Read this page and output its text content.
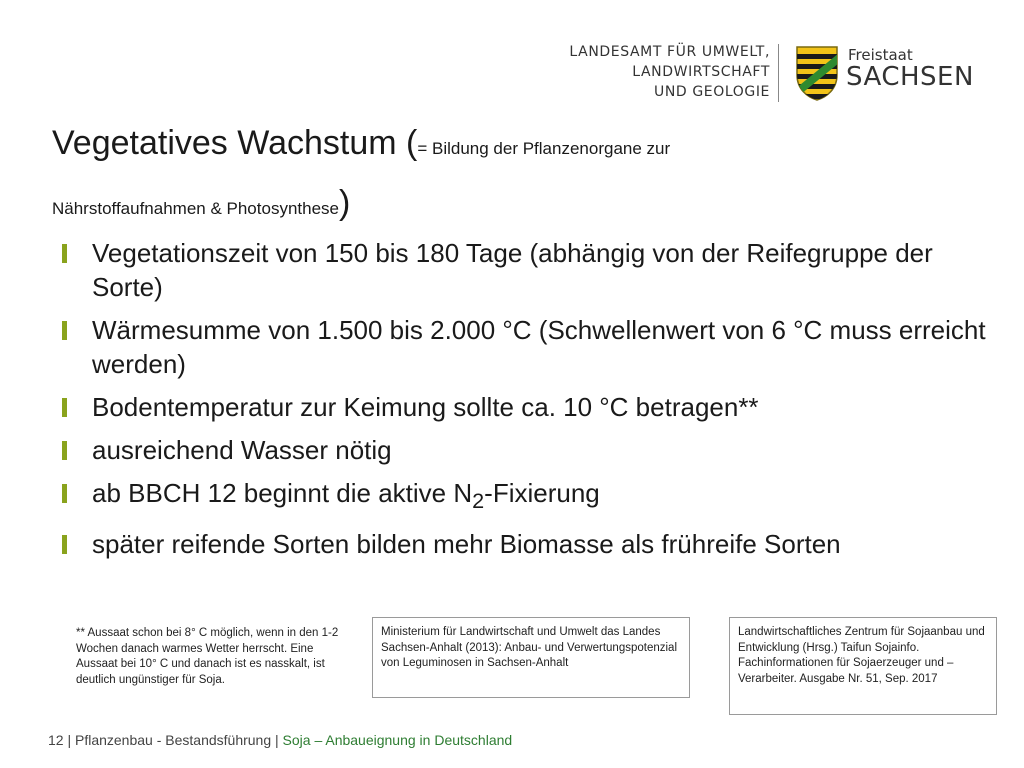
LANDESAMT FÜR UMWELT,
LANDWIRTSCHAFT
UND GEOLOGIE
Freistaat
SACHSEN
Vegetatives Wachstum (= Bildung der Pflanzenorgane zur
Nährstoffaufnahmen & Photosynthese)
Vegetationszeit von 150 bis 180 Tage (abhängig von der Reifegruppe der Sorte)
Wärmesumme von 1.500 bis 2.000 °C (Schwellenwert von 6 °C muss erreicht werden)
Bodentemperatur zur Keimung sollte ca. 10 °C betragen**
ausreichend Wasser nötig
ab BBCH 12 beginnt die aktive $N_2$-Fixierung
später reifende Sorten bilden mehr Biomasse als frühreife Sorten
** Aussaat schon bei 8° C möglich, wenn in den 1-2 Wochen danach warmes Wetter herrscht. Eine Aussaat bei 10° C und danach ist es nasskalt, ist deutlich ungünstiger für Soja.
Ministerium für Landwirtschaft und Umwelt das Landes Sachsen-Anhalt (2013): Anbau- und Verwertungspotenzial von Leguminosen in Sachsen-Anhalt
Landwirtschaftliches Zentrum für Sojaanbau und Entwicklung (Hrsg.) Taifun Sojainfo. Fachinformationen für Sojaerzeuger und –Verarbeiter. Ausgabe Nr. 51, Sep. 2017
12 | Pflanzenbau - Bestandsführung | Soja – Anbaueignung in Deutschland
